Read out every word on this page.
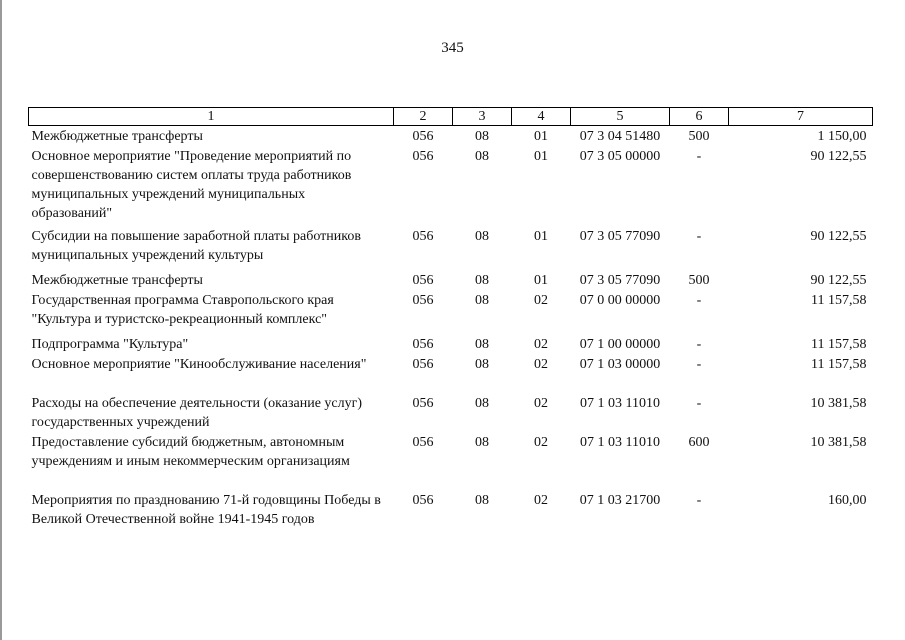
345
1	2	3	4	5	6	7
Межбюджетные трансферты	056	08	01	07 3 04 51480	500	1 150,00
Основное мероприятие "Проведение мероприятий по совершенствованию систем оплаты труда работников муниципальных учреждений муниципальных образований"	056	08	01	07 3 05 00000	-	90 122,55
Субсидии на повышение заработной платы работников муниципальных учреждений культуры	056	08	01	07 3 05 77090	-	90 122,55
Межбюджетные трансферты	056	08	01	07 3 05 77090	500	90 122,55
Государственная программа Ставропольского края "Культура и туристско-рекреационный комплекс"	056	08	02	07 0 00 00000	-	11 157,58
Подпрограмма "Культура"	056	08	02	07 1 00 00000	-	11 157,58
Основное мероприятие "Кинообслуживание населения"	056	08	02	07 1 03 00000	-	11 157,58
Расходы на обеспечение деятельности (оказание услуг) государственных учреждений	056	08	02	07 1 03 11010	-	10 381,58
Предоставление субсидий бюджетным, автономным учреждениям и иным некоммерческим организациям	056	08	02	07 1 03 11010	600	10 381,58
Мероприятия по празднованию 71-й годовщины Победы в Великой Отечественной войне 1941-1945 годов	056	08	02	07 1 03 21700	-	160,00
